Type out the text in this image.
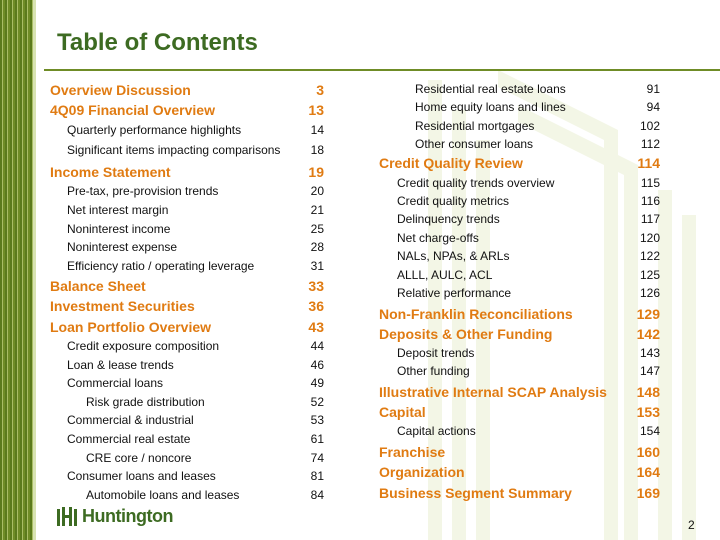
Table of Contents
Overview Discussion	3
4Q09 Financial Overview	13
Quarterly performance highlights	14
Significant items impacting comparisons	18
Income Statement	19
Pre-tax, pre-provision trends	20
Net interest margin	21
Noninterest income	25
Noninterest expense	28
Efficiency ratio / operating leverage	31
Balance Sheet	33
Investment Securities	36
Loan Portfolio Overview	43
Credit exposure composition	44
Loan & lease trends	46
Commercial loans	49
Risk grade distribution	52
Commercial & industrial	53
Commercial real estate	61
CRE core / noncore	74
Consumer loans and leases	81
Automobile loans and leases	84
Residential real estate loans	91
Home equity loans and lines	94
Residential mortgages	102
Other consumer loans	112
Credit Quality Review	114
Credit quality trends overview	115
Credit quality metrics	116
Delinquency trends	117
Net charge-offs	120
NALs, NPAs, & ARLs	122
ALLL, AULC, ACL	125
Relative performance	126
Non-Franklin Reconciliations	129
Deposits & Other Funding	142
Deposit trends	143
Other funding	147
Illustrative Internal SCAP Analysis 148
Capital	153
Capital actions	154
Franchise	160
Organization	164
Business Segment Summary	169
Huntington	2
